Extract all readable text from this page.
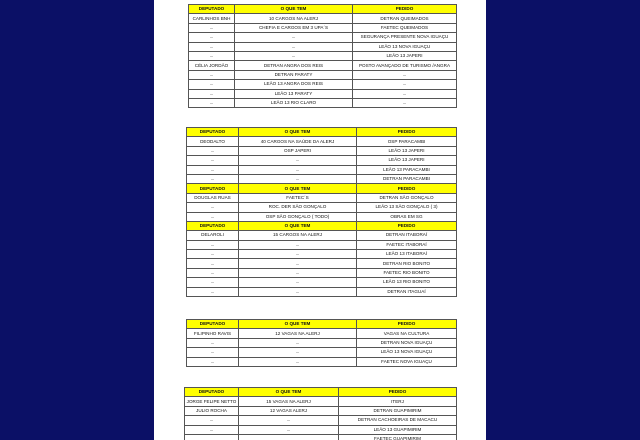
DEPUTADO	O QUE TEM	PEDIDO
CARLINHOS BNH	10 CARGOS NA ALERJ	DETRAN QUEIMADOS
...	CHEFIA E CARGOS EM 3 UPA´S	FAETEC QUEIMADOS
...	...	SEGURANÇA PRESENTE NOVA IGUAÇU
...	...	LEÃO 13 NOVA IGUAÇU
...	...	LEÃO 13 JAPERI
CÉLIA JORDÃO	DETRAN ANGRA DOS REIS	POSTO AVANÇADO DE TURISMO /ANGRA
...	DETRAN PARATY	...
...	LEÃO 13 ANGRA DOS REIS	...
...	LEÃO 13 PARATY	...
...	LEÃO 13 RIO CLARO	...
DEPUTADO	O QUE TEM	PEDIDO
DEODALTO	40 CARGOS NA SAÚDE DA ALERJ	OSP PARACAMBI
...	OSP JAPERI	LEÃO 13 JAPERI
...	...	LEÃO 13 JAPERI
...	...	LEÃO 13 PARACAMBI
...	...	DETRAN PARACAMBI
DEPUTADO	O QUE TEM	PEDIDO
DOUGLAS RUAS	FAETEC´S	DETRAN SÃO GONÇALO
...	ROC. DER SÃO GONÇALO	LEÃO 13 SÃO GONÇALO ( 3)
...	OSP SÃO GONÇALO ( TODO)	OBRAS EM SG
DEPUTADO	O QUE TEM	PEDIDO
DELAROLI	15 CARGOS NA ALERJ	DETRAN ITABORAÍ
...	...	FAETEC ITABORAÍ
...	...	LEÃO 13 ITABORAÍ
...	...	DETRAN RIO BONITO
...	...	FAETEC RIO BONITO
...	...	LEÃO 13 RIO BONITO
...	...	DETRAN ITAGUAÍ
DEPUTADO	O QUE TEM	PEDIDO
FILIPINHO RAVIS	12 VAGAS NA ALERJ	VAGAS NA CULTURA
...	...	DETRAN NOVA IGUAÇU
...	...	LEÃO 13 NOVA IGUAÇU
...	...	FAETEC NOVA IGUAÇU
DEPUTADO	O QUE TEM	PEDIDO
JORGE FELIPE NETTO	15 VAGAS NA ALERJ	ITERJ
JULIO ROCHA	12 VAGAS ALERJ	DETRAN GUAPIMIRIM
...	...	DETRAN CACHOEIRAS DE MACACU
...	...	LEÃO 13 GUAPIMIRIM
		FAETEC GUAPIMIRIM
